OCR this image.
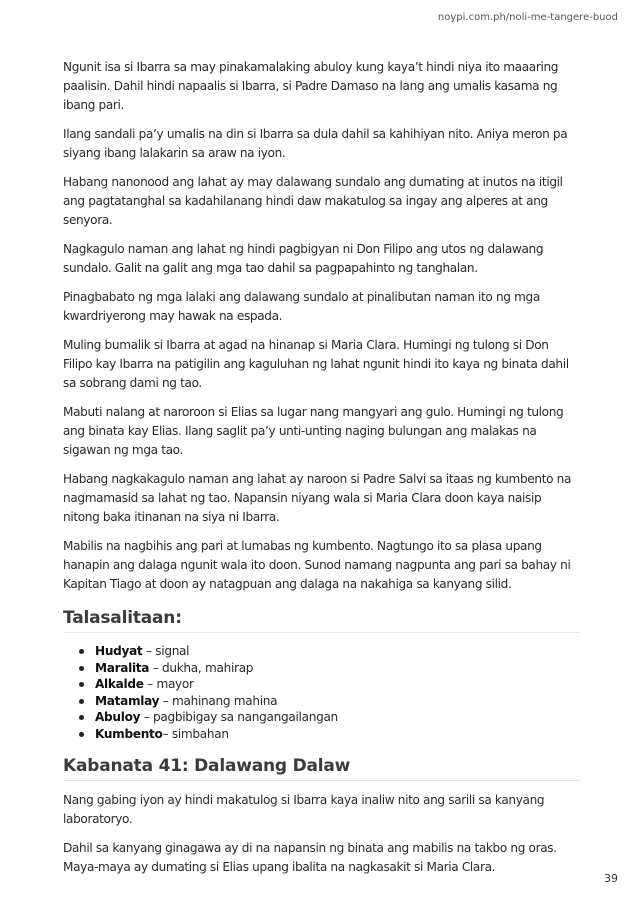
noypi.com.ph/noli-me-tangere-buod

Ngunit isa si Ibarra sa may pinakamalaking abuloy kung kaya’t hindi niya ito maaaring paalisin. Dahil hindi napaalis si Ibarra, si Padre Damaso na lang ang umalis kasama ng ibang pari.

Ilang sandali pa’y umalis na din si Ibarra sa dula dahil sa kahihiyan nito. Aniya meron pa siyang ibang lalakarin sa araw na iyon.

Habang nanonood ang lahat ay may dalawang sundalo ang dumating at inutos na itigil ang pagtatanghal sa kadahilanang hindi daw makatulog sa ingay ang alperes at ang senyora.

Nagkagulo naman ang lahat ng hindi pagbigyan ni Don Filipo ang utos ng dalawang sundalo. Galit na galit ang mga tao dahil sa pagpapahinto ng tanghalan.

Pinagbabato ng mga lalaki ang dalawang sundalo at pinalibutan naman ito ng mga kwardriyerong may hawak na espada.

Muling bumalik si Ibarra at agad na hinanap si Maria Clara. Humingi ng tulong si Don Filipo kay Ibarra na patigilin ang kaguluhan ng lahat ngunit hindi ito kaya ng binata dahil sa sobrang dami ng tao.

Mabuti nalang at naroroon si Elias sa lugar nang mangyari ang gulo. Humingi ng tulong ang binata kay Elias. Ilang saglit pa’y unti-unting naging bulungan ang malakas na sigawan ng mga tao.

Habang nagkakagulo naman ang lahat ay naroon si Padre Salvi sa itaas ng kumbento na nagmamasid sa lahat ng tao. Napansin niyang wala si Maria Clara doon kaya naisip nitong baka itinanan na siya ni Ibarra.

Mabilis na nagbihis ang pari at lumabas ng kumbento. Nagtungo ito sa plasa upang hanapin ang dalaga ngunit wala ito doon. Sunod namang nagpunta ang pari sa bahay ni Kapitan Tiago at doon ay natagpuan ang dalaga na nakahiga sa kanyang silid.

Talasalitaan:
Hudyat – signal
Maralita – dukha, mahirap
Alkalde – mayor
Matamlay – mahinang mahina
Abuloy – pagbibigay sa nangangailangan
Kumbento– simbahan
Kabanata 41: Dalawang Dalaw

Nang gabing iyon ay hindi makatulog si Ibarra kaya inaliw nito ang sarili sa kanyang laboratoryo.

Dahil sa kanyang ginagawa ay di na napansin ng binata ang mabilis na takbo ng oras. Maya-maya ay dumating si Elias upang ibalita na nagkasakit si Maria Clara.

39
